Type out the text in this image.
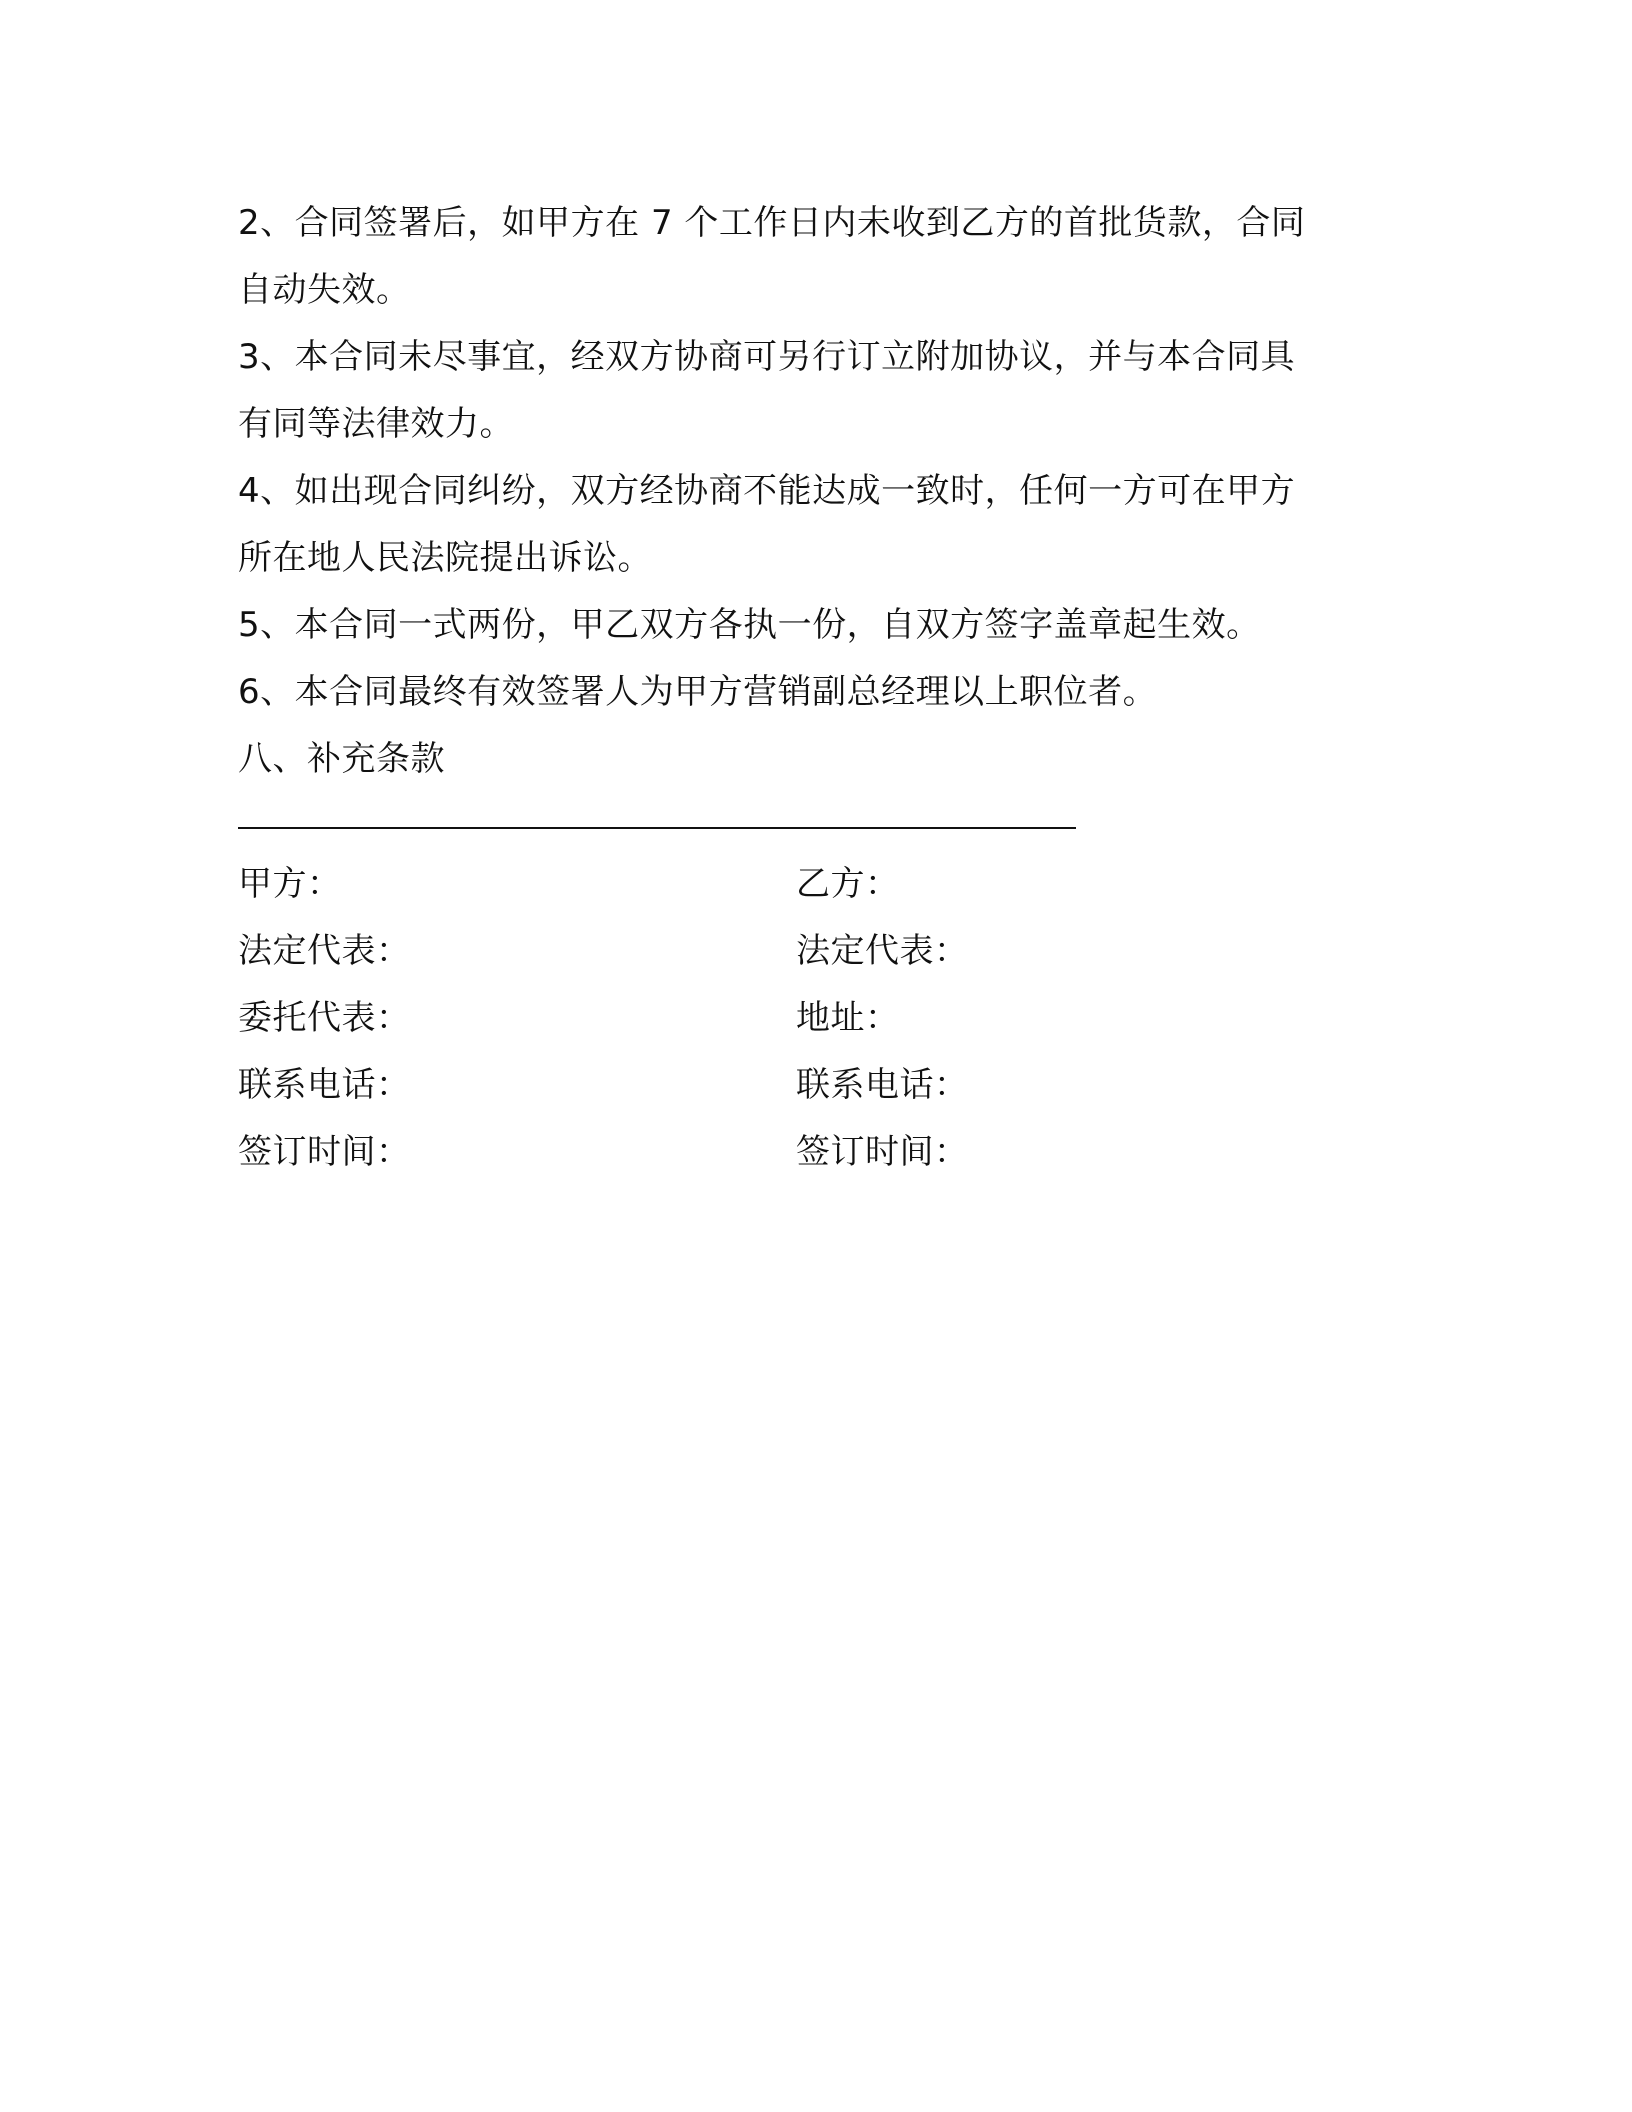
2、合同签署后，如甲方在 7 个工作日内未收到乙方的首批货款，合同

自动失效。

3、本合同未尽事宜，经双方协商可另行订立附加协议，并与本合同具

有同等法律效力。

4、如出现合同纠纷，双方经协商不能达成一致时，任何一方可在甲方

所在地人民法院提出诉讼。

5、本合同一式两份，甲乙双方各执一份，自双方签字盖章起生效。

6、本合同最终有效签署人为甲方营销副总经理以上职位者。

八、补充条款

甲方：	乙方：
法定代表：	法定代表：
委托代表：	地址：
联系电话：	联系电话：
签订时间：	签订时间：
